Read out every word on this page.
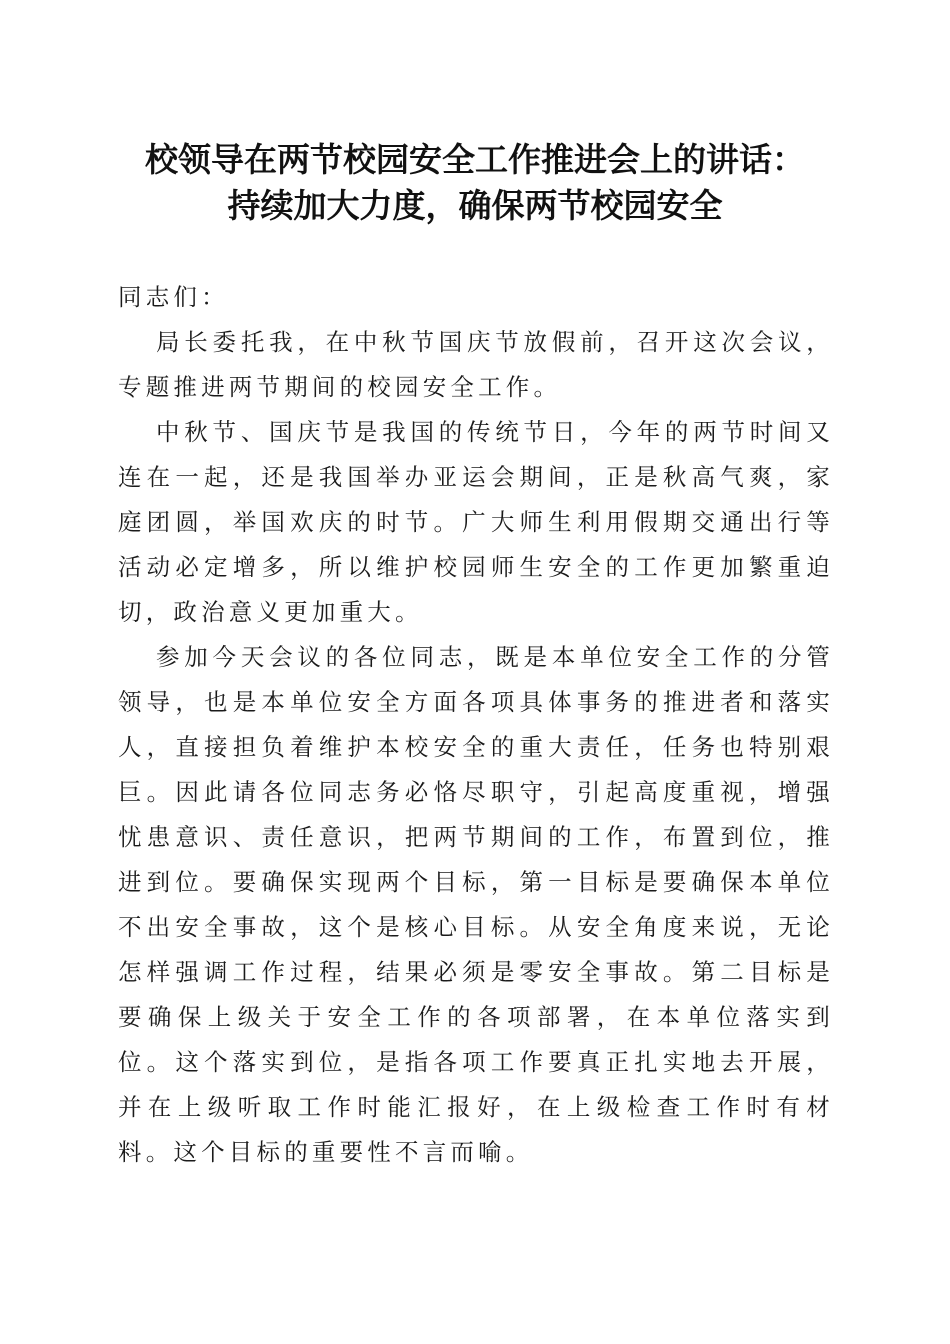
校领导在两节校园安全工作推进会上的讲话：
持续加大力度，确保两节校园安全

同志们：

局长委托我，在中秋节国庆节放假前，召开这次会议，专题推进两节期间的校园安全工作。

中秋节、国庆节是我国的传统节日，今年的两节时间又连在一起，还是我国举办亚运会期间，正是秋高气爽，家庭团圆，举国欢庆的时节。广大师生利用假期交通出行等活动必定增多，所以维护校园师生安全的工作更加繁重迫切，政治意义更加重大。

参加今天会议的各位同志，既是本单位安全工作的分管领导，也是本单位安全方面各项具体事务的推进者和落实人，直接担负着维护本校安全的重大责任，任务也特别艰巨。因此请各位同志务必恪尽职守，引起高度重视，增强忧患意识、责任意识，把两节期间的工作，布置到位，推进到位。要确保实现两个目标，第一目标是要确保本单位不出安全事故，这个是核心目标。从安全角度来说，无论怎样强调工作过程，结果必须是零安全事故。第二目标是要确保上级关于安全工作的各项部署，在本单位落实到位。这个落实到位，是指各项工作要真正扎实地去开展，并在上级听取工作时能汇报好，在上级检查工作时有材料。这个目标的重要性不言而喻。
